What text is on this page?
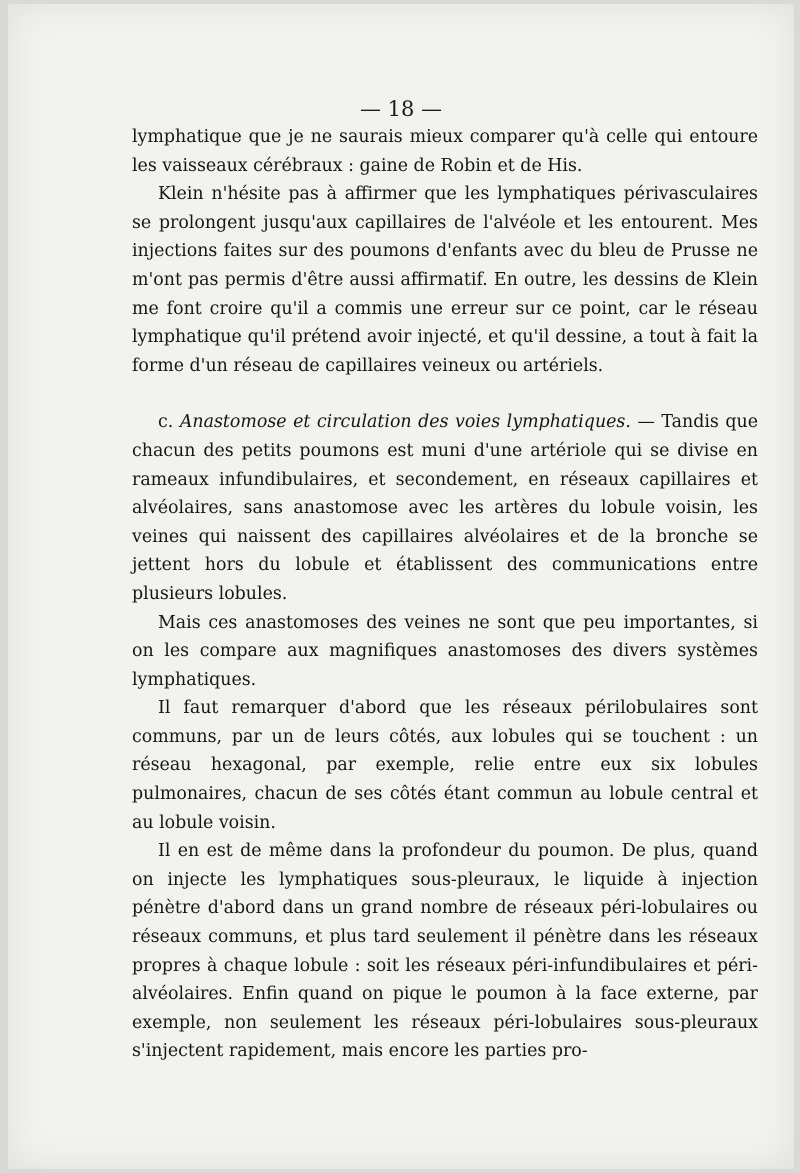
— 18 —

lymphatique que je ne saurais mieux comparer qu'à celle qui entoure les vaisseaux cérébraux : gaine de Robin et de His.

Klein n'hésite pas à affirmer que les lymphatiques périvasculaires se prolongent jusqu'aux capillaires de l'alvéole et les entourent. Mes injections faites sur des poumons d'enfants avec du bleu de Prusse ne m'ont pas permis d'être aussi affirmatif. En outre, les dessins de Klein me font croire qu'il a commis une erreur sur ce point, car le réseau lymphatique qu'il prétend avoir injecté, et qu'il dessine, a tout à fait la forme d'un réseau de capillaires veineux ou artériels.

c. Anastomose et circulation des voies lymphatiques. — Tandis que chacun des petits poumons est muni d'une artériole qui se divise en rameaux infundibulaires, et secondement, en réseaux capillaires et alvéolaires, sans anastomose avec les artères du lobule voisin, les veines qui naissent des capillaires alvéolaires et de la bronche se jettent hors du lobule et établissent des communications entre plusieurs lobules.

Mais ces anastomoses des veines ne sont que peu importantes, si on les compare aux magnifiques anastomoses des divers systèmes lymphatiques.

Il faut remarquer d'abord que les réseaux périlobulaires sont communs, par un de leurs côtés, aux lobules qui se touchent : un réseau hexagonal, par exemple, relie entre eux six lobules pulmonaires, chacun de ses côtés étant commun au lobule central et au lobule voisin.

Il en est de même dans la profondeur du poumon. De plus, quand on injecte les lymphatiques sous-pleuraux, le liquide à injection pénètre d'abord dans un grand nombre de réseaux péri-lobulaires ou réseaux communs, et plus tard seulement il pénètre dans les réseaux propres à chaque lobule : soit les réseaux péri-infundibulaires et péri-alvéolaires. Enfin quand on pique le poumon à la face externe, par exemple, non seulement les réseaux péri-lobulaires sous-pleuraux s'injectent rapidement, mais encore les parties pro-
